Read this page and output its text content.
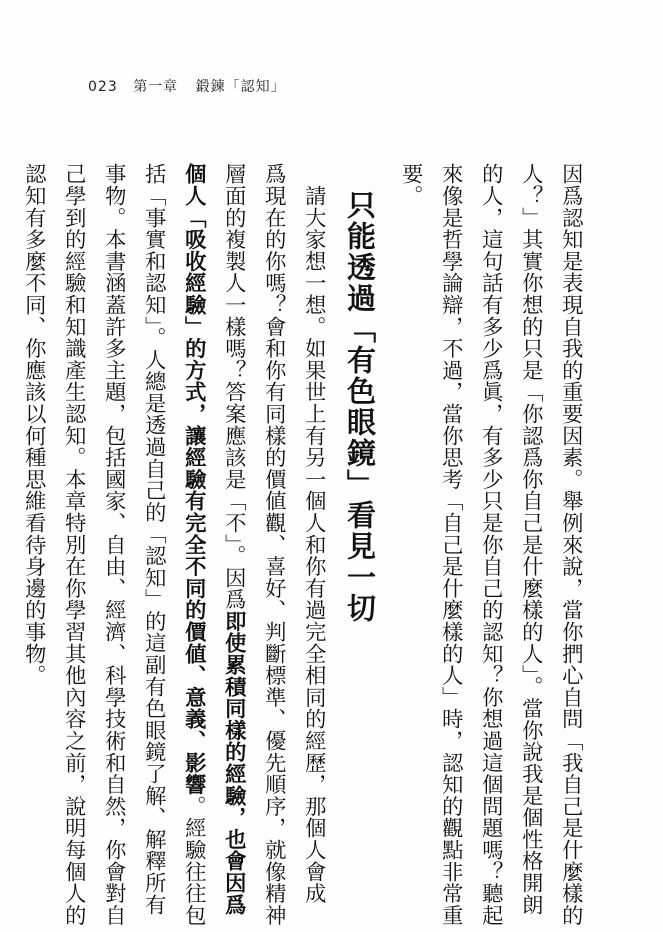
023 第一章 鍛鍊「認知」
因爲認知是表現自我的重要因素。舉例來說，當你捫心自問「我自己是什麼樣的
人？」其實你想的只是「你認爲你自己是什麼樣的人」。當你說我是個性格開朗
的人，這句話有多少爲眞，有多少只是你自己的認知？你想過這個問題嗎？聽起
來像是哲學論辯，不過，當你思考「自己是什麼樣的人」時，認知的觀點非常重
要。
只能透過「有色眼鏡」看見一切
　請大家想一想。如果世上有另一個人和你有過完全相同的經歷，那個人會成
爲現在的你嗎？會和你有同樣的價値觀、喜好、判斷標準、優先順序，就像精神
層面的複製人一樣嗎？答案應該是「不」。因爲即使累積同樣的經驗，也會因爲
個人「吸收經驗」的方式，讓經驗有完全不同的價値、意義、影響。經驗往往包
括「事實和認知」。人總是透過自己的「認知」的這副有色眼鏡了解、解釋所有
事物。本書涵蓋許多主題，包括國家、自由、經濟、科學技術和自然，你會對自
己學到的經驗和知識產生認知。本章特別在你學習其他內容之前，說明每個人的
認知有多麼不同、你應該以何種思維看待身邊的事物。
